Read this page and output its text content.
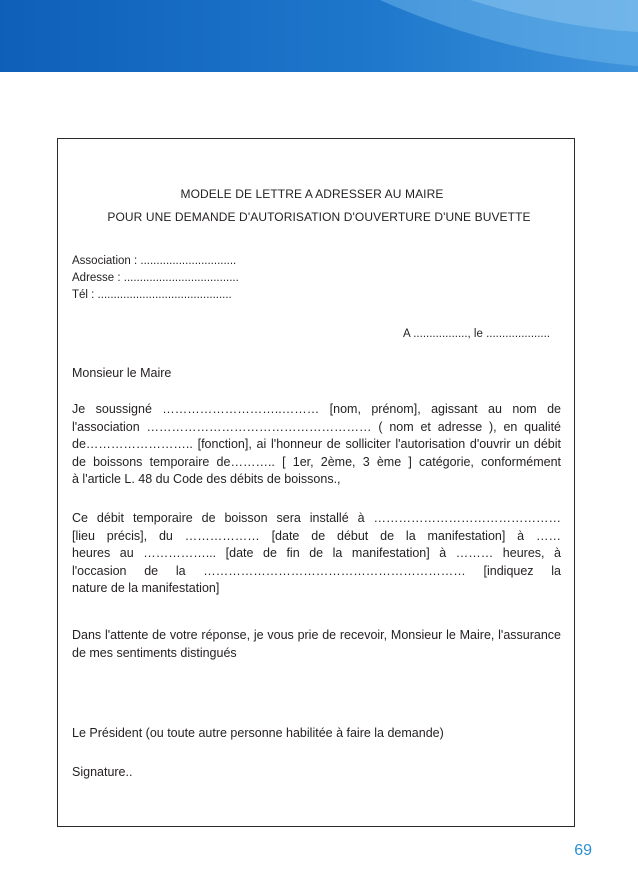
MODELE DE LETTRE A ADRESSER AU MAIRE
POUR UNE DEMANDE D'AUTORISATION D'OUVERTURE D'UNE BUVETTE
Association : ..............................
Adresse : ....................................
Tél : ..........................................
A ................., le ....................
Monsieur le Maire
Je soussigné ………………………..……… [nom, prénom], agissant au nom de
l'association ……………………………………………… ( nom et adresse ), en qualité
de…………………….. [fonction], ai l'honneur de solliciter l'autorisation d'ouvrir un débit
de boissons temporaire de……….. [ 1er, 2ème, 3 ème ] catégorie, conformément
à l'article L. 48 du Code des débits de boissons.,
Ce débit temporaire de boisson sera installé à ………………………………………
[lieu précis], du ……………… [date de début de la manifestation] à ……
heures au ……………... [date de fin de la manifestation] à ……… heures, à
l'occasion de la ……………………………………………………… [indiquez la
nature de la manifestation]
Dans l'attente de votre réponse, je vous prie de recevoir, Monsieur le Maire, l'assurance
de mes sentiments distingués
Le Président (ou toute autre personne habilitée à faire la demande)
Signature..
69
